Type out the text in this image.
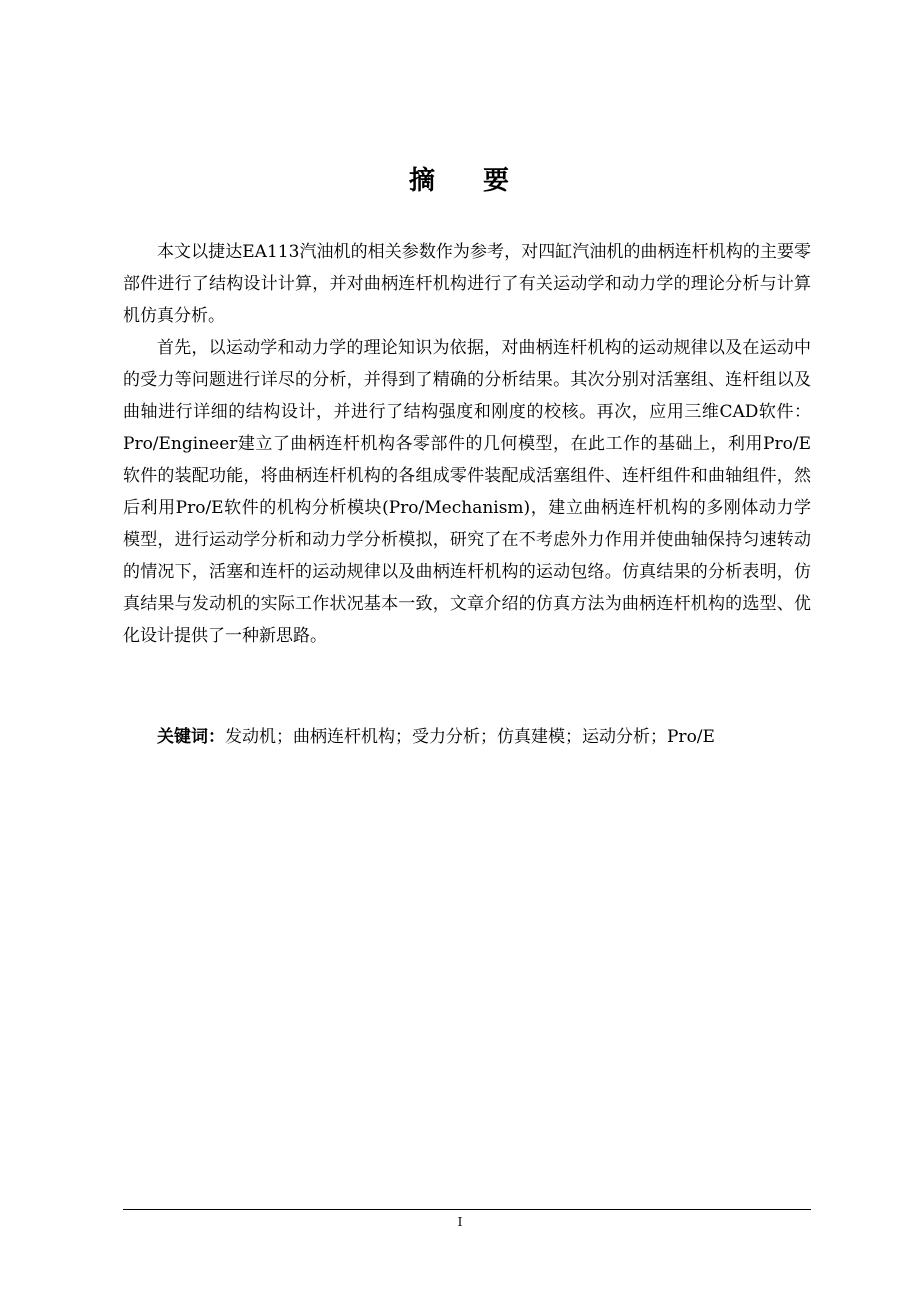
摘 要

本文以捷达EA113汽油机的相关参数作为参考，对四缸汽油机的曲柄连杆机构的主要零部件进行了结构设计计算，并对曲柄连杆机构进行了有关运动学和动力学的理论分析与计算机仿真分析。

首先，以运动学和动力学的理论知识为依据，对曲柄连杆机构的运动规律以及在运动中的受力等问题进行详尽的分析，并得到了精确的分析结果。其次分别对活塞组、连杆组以及曲轴进行详细的结构设计，并进行了结构强度和刚度的校核。再次，应用三维CAD软件：Pro/Engineer建立了曲柄连杆机构各零部件的几何模型，在此工作的基础上，利用Pro/E软件的装配功能，将曲柄连杆机构的各组成零件装配成活塞组件、连杆组件和曲轴组件，然后利用Pro/E软件的机构分析模块(Pro/Mechanism)，建立曲柄连杆机构的多刚体动力学模型，进行运动学分析和动力学分析模拟，研究了在不考虑外力作用并使曲轴保持匀速转动的情况下，活塞和连杆的运动规律以及曲柄连杆机构的运动包络。仿真结果的分析表明，仿真结果与发动机的实际工作状况基本一致，文章介绍的仿真方法为曲柄连杆机构的选型、优化设计提供了一种新思路。

关键词：发动机；曲柄连杆机构；受力分析；仿真建模；运动分析；Pro/E
I
